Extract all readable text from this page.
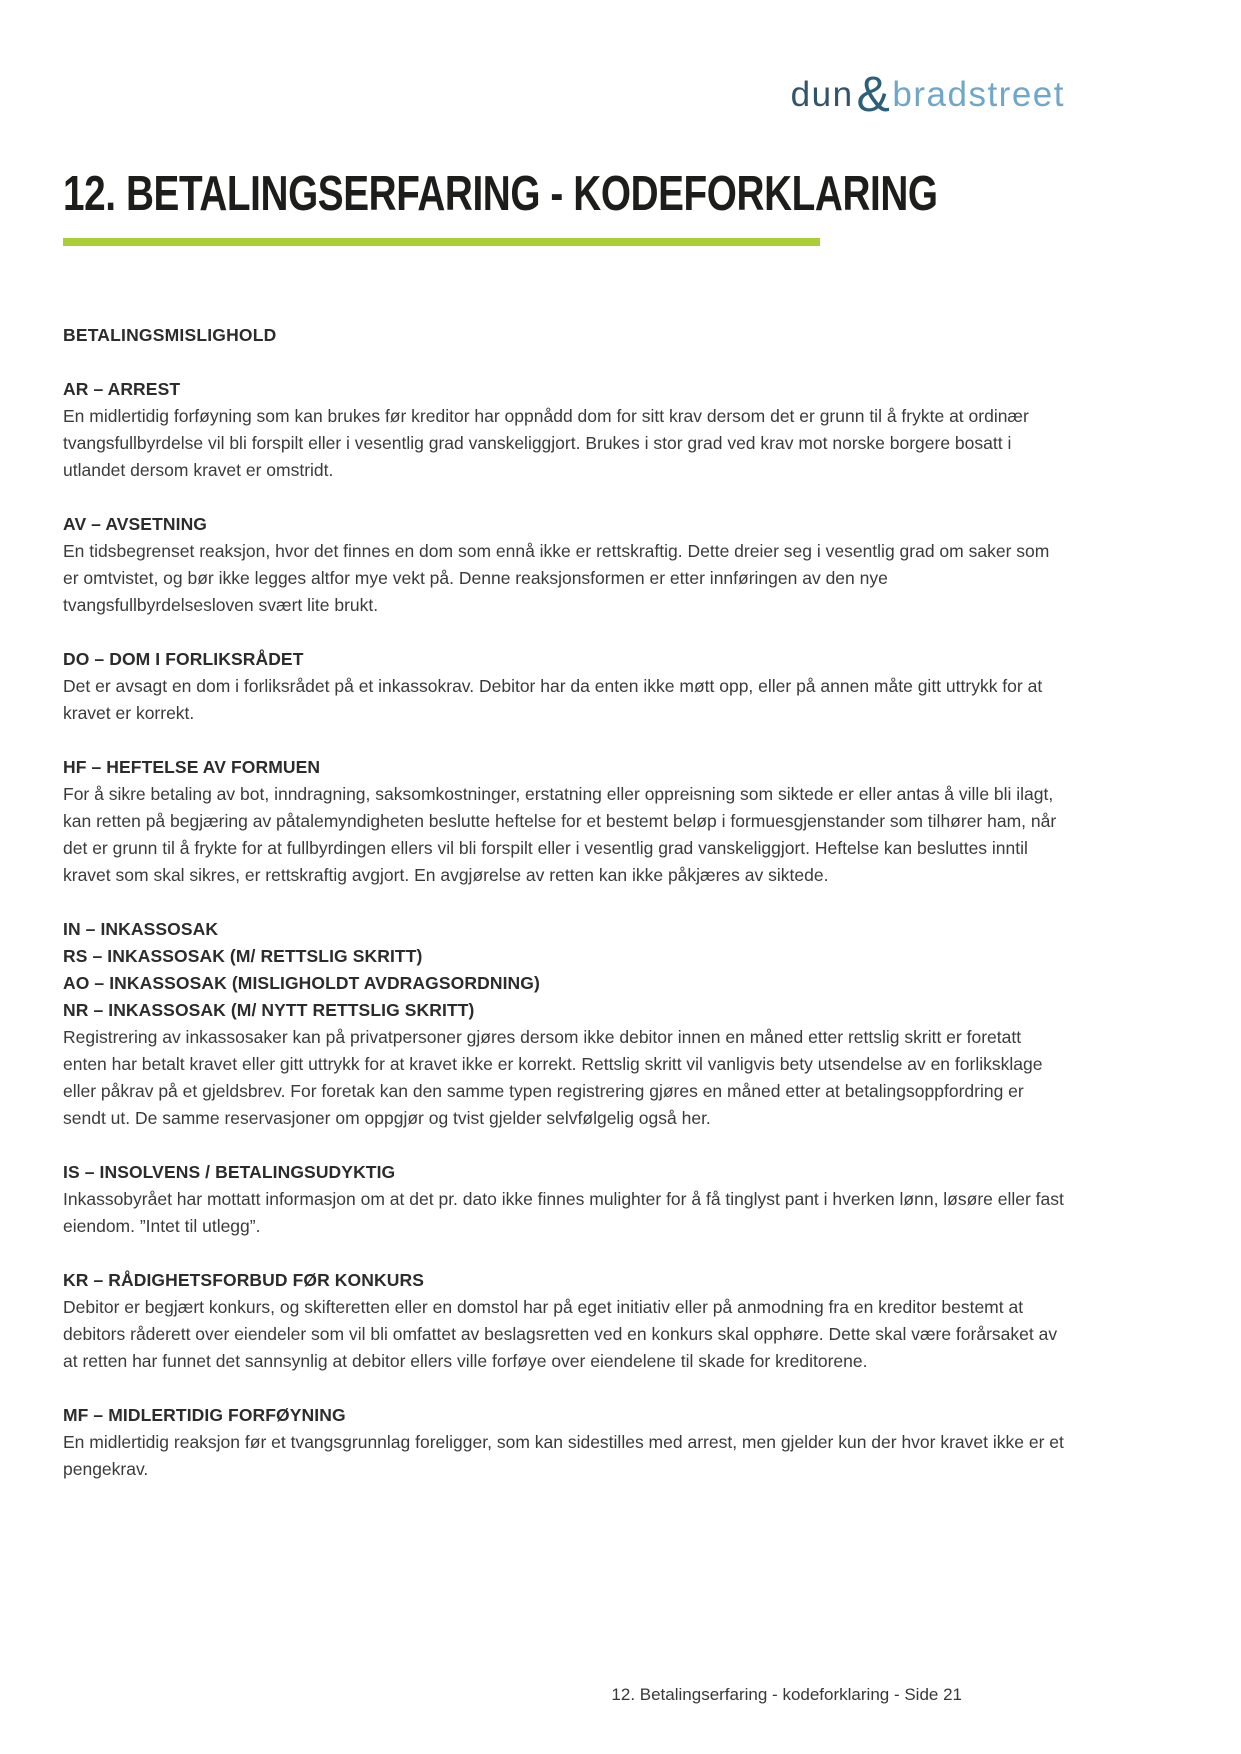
dun&bradstreet
12. BETALINGSERFARING - KODEFORKLARING
BETALINGSMISLIGHOLD
AR – ARREST

En midlertidig forføyning som kan brukes før kreditor har oppnådd dom for sitt krav dersom det er grunn til å frykte at ordinær tvangsfullbyrdelse vil bli forspilt eller i vesentlig grad vanskeliggjort. Brukes i stor grad ved krav mot norske borgere bosatt i utlandet dersom kravet er omstridt.

AV – AVSETNING

En tidsbegrenset reaksjon, hvor det finnes en dom som ennå ikke er rettskraftig. Dette dreier seg i vesentlig grad om saker som er omtvistet, og bør ikke legges altfor mye vekt på. Denne reaksjonsformen er etter innføringen av den nye tvangsfullbyrdelsesloven svært lite brukt.

DO – DOM I FORLIKSRÅDET

Det er avsagt en dom i forliksrådet på et inkassokrav. Debitor har da enten ikke møtt opp, eller på annen måte gitt uttrykk for at kravet er korrekt.

HF – HEFTELSE AV FORMUEN

For å sikre betaling av bot, inndragning, saksomkostninger, erstatning eller oppreisning som siktede er eller antas å ville bli ilagt, kan retten på begjæring av påtalemyndigheten beslutte heftelse for et bestemt beløp i formuesgjenstander som tilhører ham, når det er grunn til å frykte for at fullbyrdingen ellers vil bli forspilt eller i vesentlig grad vanskeliggjort. Heftelse kan besluttes inntil kravet som skal sikres, er rettskraftig avgjort. En avgjørelse av retten kan ikke påkjæres av siktede.

IN – INKASSOSAK
RS – INKASSOSAK (M/ RETTSLIG SKRITT)
AO – INKASSOSAK (MISLIGHOLDT AVDRAGSORDNING)
NR – INKASSOSAK (M/ NYTT RETTSLIG SKRITT)

Registrering av inkassosaker kan på privatpersoner gjøres dersom ikke debitor innen en måned etter rettslig skritt er foretatt enten har betalt kravet eller gitt uttrykk for at kravet ikke er korrekt. Rettslig skritt vil vanligvis bety utsendelse av en forliksklage eller påkrav på et gjeldsbrev. For foretak kan den samme typen registrering gjøres en måned etter at betalingsoppfordring er sendt ut. De samme reservasjoner om oppgjør og tvist gjelder selvfølgelig også her.

IS – INSOLVENS / BETALINGSUDYKTIG

Inkassobyrået har mottatt informasjon om at det pr. dato ikke finnes mulighter for å få tinglyst pant i hverken lønn, løsøre eller fast eiendom. ”Intet til utlegg”.

KR – RÅDIGHETSFORBUD FØR KONKURS

Debitor er begjært konkurs, og skifteretten eller en domstol har på eget initiativ eller på anmodning fra en kreditor bestemt at debitors råderett over eiendeler som vil bli omfattet av beslagsretten ved en konkurs skal opphøre. Dette skal være forårsaket av at retten har funnet det sannsynlig at debitor ellers ville forføye over eiendelene til skade for kreditorene.

MF – MIDLERTIDIG FORFØYNING

En midlertidig reaksjon før et tvangsgrunnlag foreligger, som kan sidestilles med arrest, men gjelder kun der hvor kravet ikke er et pengekrav.

12. Betalingserfaring - kodeforklaring - Side 21
